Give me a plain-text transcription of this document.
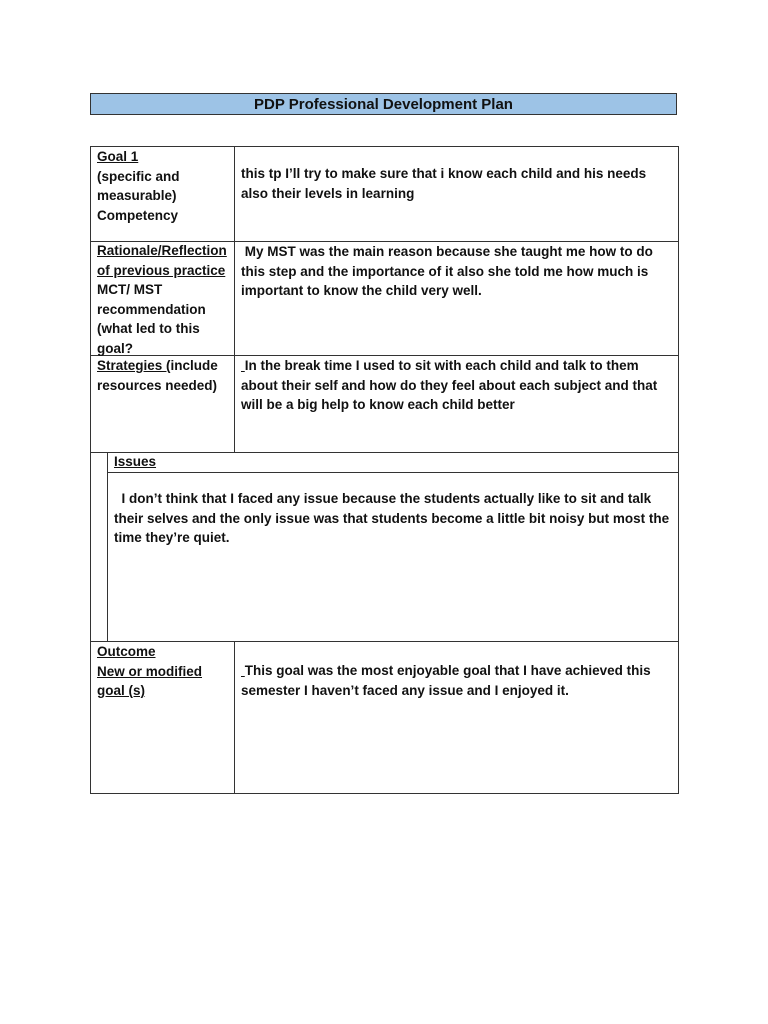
PDP Professional Development Plan
Goal 1
(specific and
measurable)
Competency
this tp I’ll try to make sure that i know each child and his needs also their levels in learning
Rationale/Reflection
of previous practice
MCT/ MST
recommendation
(what led to this
goal?
My MST was the main reason because she taught me how to do this step and the importance of it also she told me how much is important to know the child very well.
Strategies (include resources needed)
In the break time I used to sit with each child and talk to them about their self and how do they feel about each subject and that will be a big help to know each child better
Issues
I don’t think that I faced any issue because the students actually like to sit and talk their selves and the only issue was that students become a little bit noisy but most the time they’re quiet.
Outcome
New or modified
goal (s)
This goal was the most enjoyable goal that I have achieved this semester I haven’t faced any issue and I enjoyed it.
